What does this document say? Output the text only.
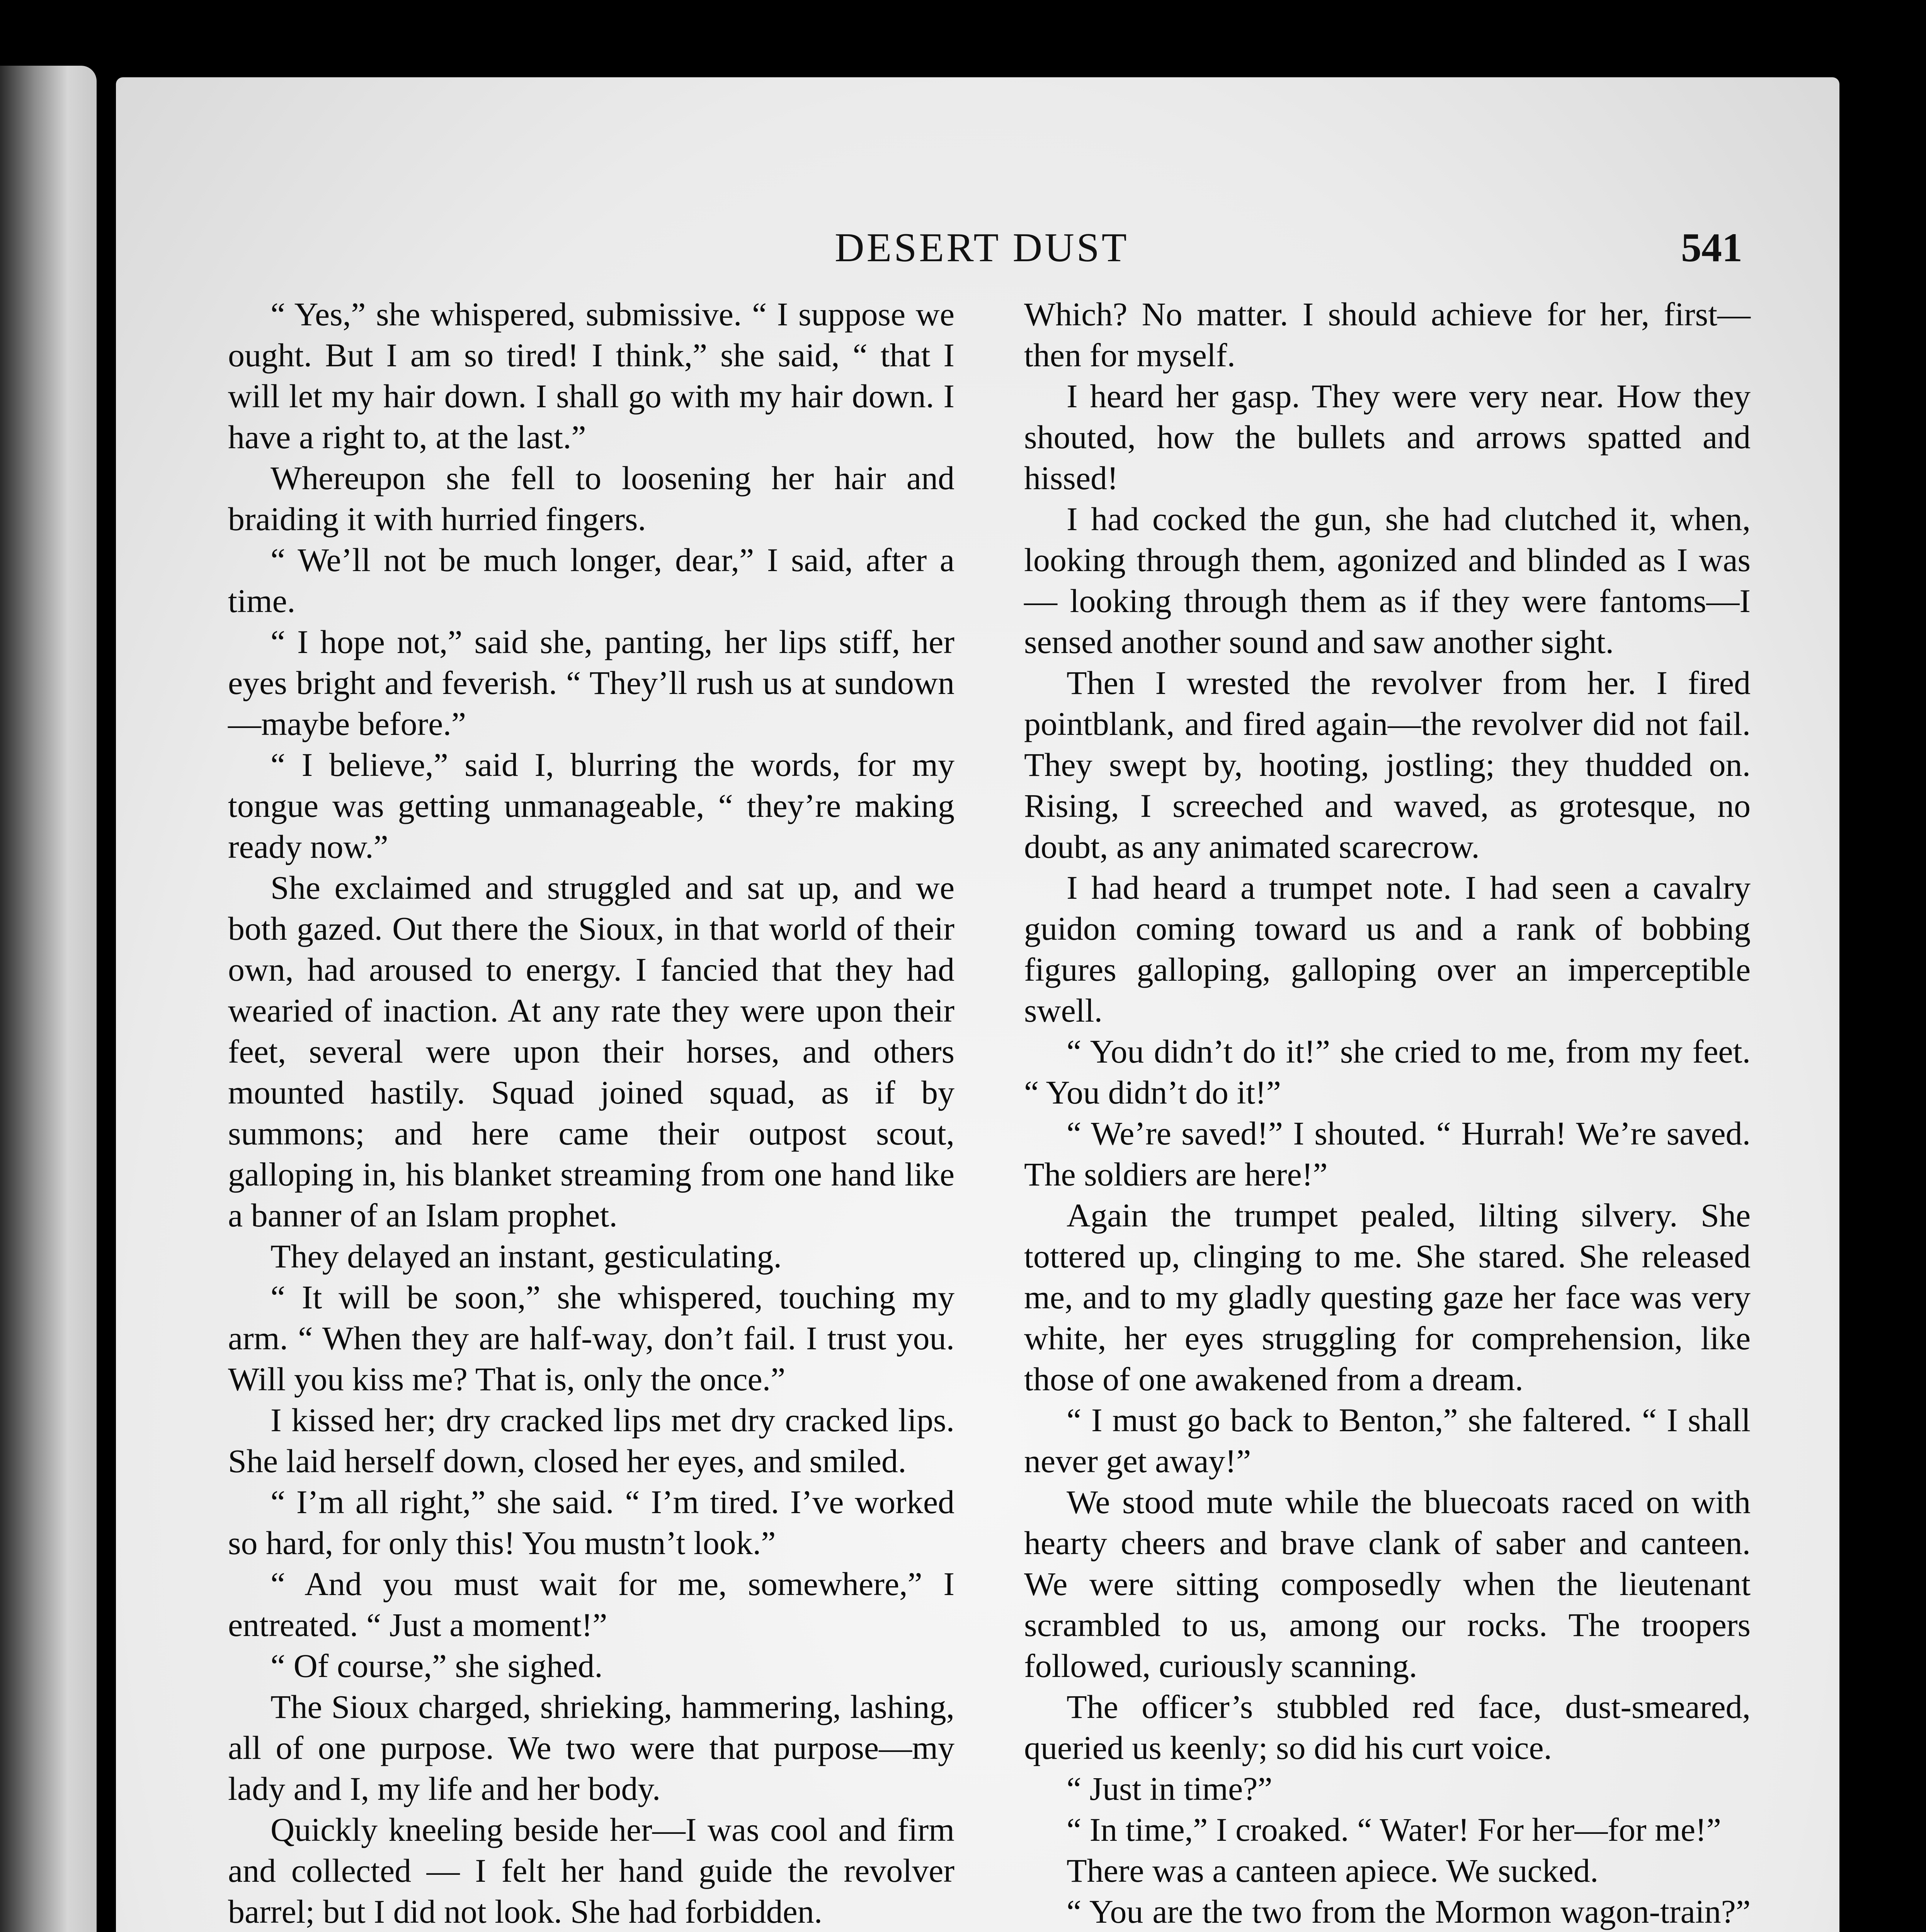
DESERT DUST	541

“ Yes,” she whispered, submissive. “ I suppose we ought. But I am so tired! I think,” she said, “ that I will let my hair down. I shall go with my hair down. I have a right to, at the last.”

Whereupon she fell to loosening her hair and braiding it with hurried fingers.

“ We’ll not be much longer, dear,” I said, after a time.

“ I hope not,” said she, panting, her lips stiff, her eyes bright and feverish. “ They’ll rush us at sundown—maybe before.”

“ I believe,” said I, blurring the words, for my tongue was getting unmanageable, “ they’re making ready now.”

She exclaimed and struggled and sat up, and we both gazed. Out there the Sioux, in that world of their own, had aroused to energy. I fancied that they had wearied of inaction. At any rate they were upon their feet, several were upon their horses, and others mounted hastily. Squad joined squad, as if by summons; and here came their outpost scout, galloping in, his blanket streaming from one hand like a banner of an Islam prophet.

They delayed an instant, gesticulating.

“ It will be soon,” she whispered, touching my arm. “ When they are half-way, don’t fail. I trust you. Will you kiss me? That is, only the once.”

I kissed her; dry cracked lips met dry cracked lips. She laid herself down, closed her eyes, and smiled.

“ I’m all right,” she said. “ I’m tired. I’ve worked so hard, for only this! You mustn’t look.”

“ And you must wait for me, somewhere,” I entreated. “ Just a moment!”

“ Of course,” she sighed.

The Sioux charged, shrieking, hammering, lashing, all of one purpose. We two were that purpose—my lady and I, my life and her body.

Quickly kneeling beside her—I was cool and firm and collected — I felt her hand guide the revolver barrel; but I did not look. She had forbidden.

Which? No matter. I should achieve for her, first—then for myself.

I heard her gasp. They were very near. How they shouted, how the bullets and arrows spatted and hissed!

I had cocked the gun, she had clutched it, when, looking through them, agonized and blinded as I was — looking through them as if they were fantoms—I sensed another sound and saw another sight.

Then I wrested the revolver from her. I fired pointblank, and fired again—the revolver did not fail. They swept by, hooting, jostling; they thudded on. Rising, I screeched and waved, as grotesque, no doubt, as any animated scarecrow.

I had heard a trumpet note. I had seen a cavalry guidon coming toward us and a rank of bobbing figures galloping, galloping over an imperceptible swell.

“ You didn’t do it!” she cried to me, from my feet. “ You didn’t do it!”

“ We’re saved!” I shouted. “ Hurrah! We’re saved. The soldiers are here!”

Again the trumpet pealed, lilting silvery. She tottered up, clinging to me. She stared. She released me, and to my gladly questing gaze her face was very white, her eyes struggling for comprehension, like those of one awakened from a dream.

“ I must go back to Benton,” she faltered. “ I shall never get away!”

We stood mute while the bluecoats raced on with hearty cheers and brave clank of saber and canteen. We were sitting composedly when the lieutenant scrambled to us, among our rocks. The troopers followed, curiously scanning.

The officer’s stubbled red face, dust-smeared, queried us keenly; so did his curt voice.

“ Just in time?”

“ In time,” I croaked. “ Water! For her—for me!”

There was a canteen apiece. We sucked.

“ You are the two from the Mormon wagon-train?”
